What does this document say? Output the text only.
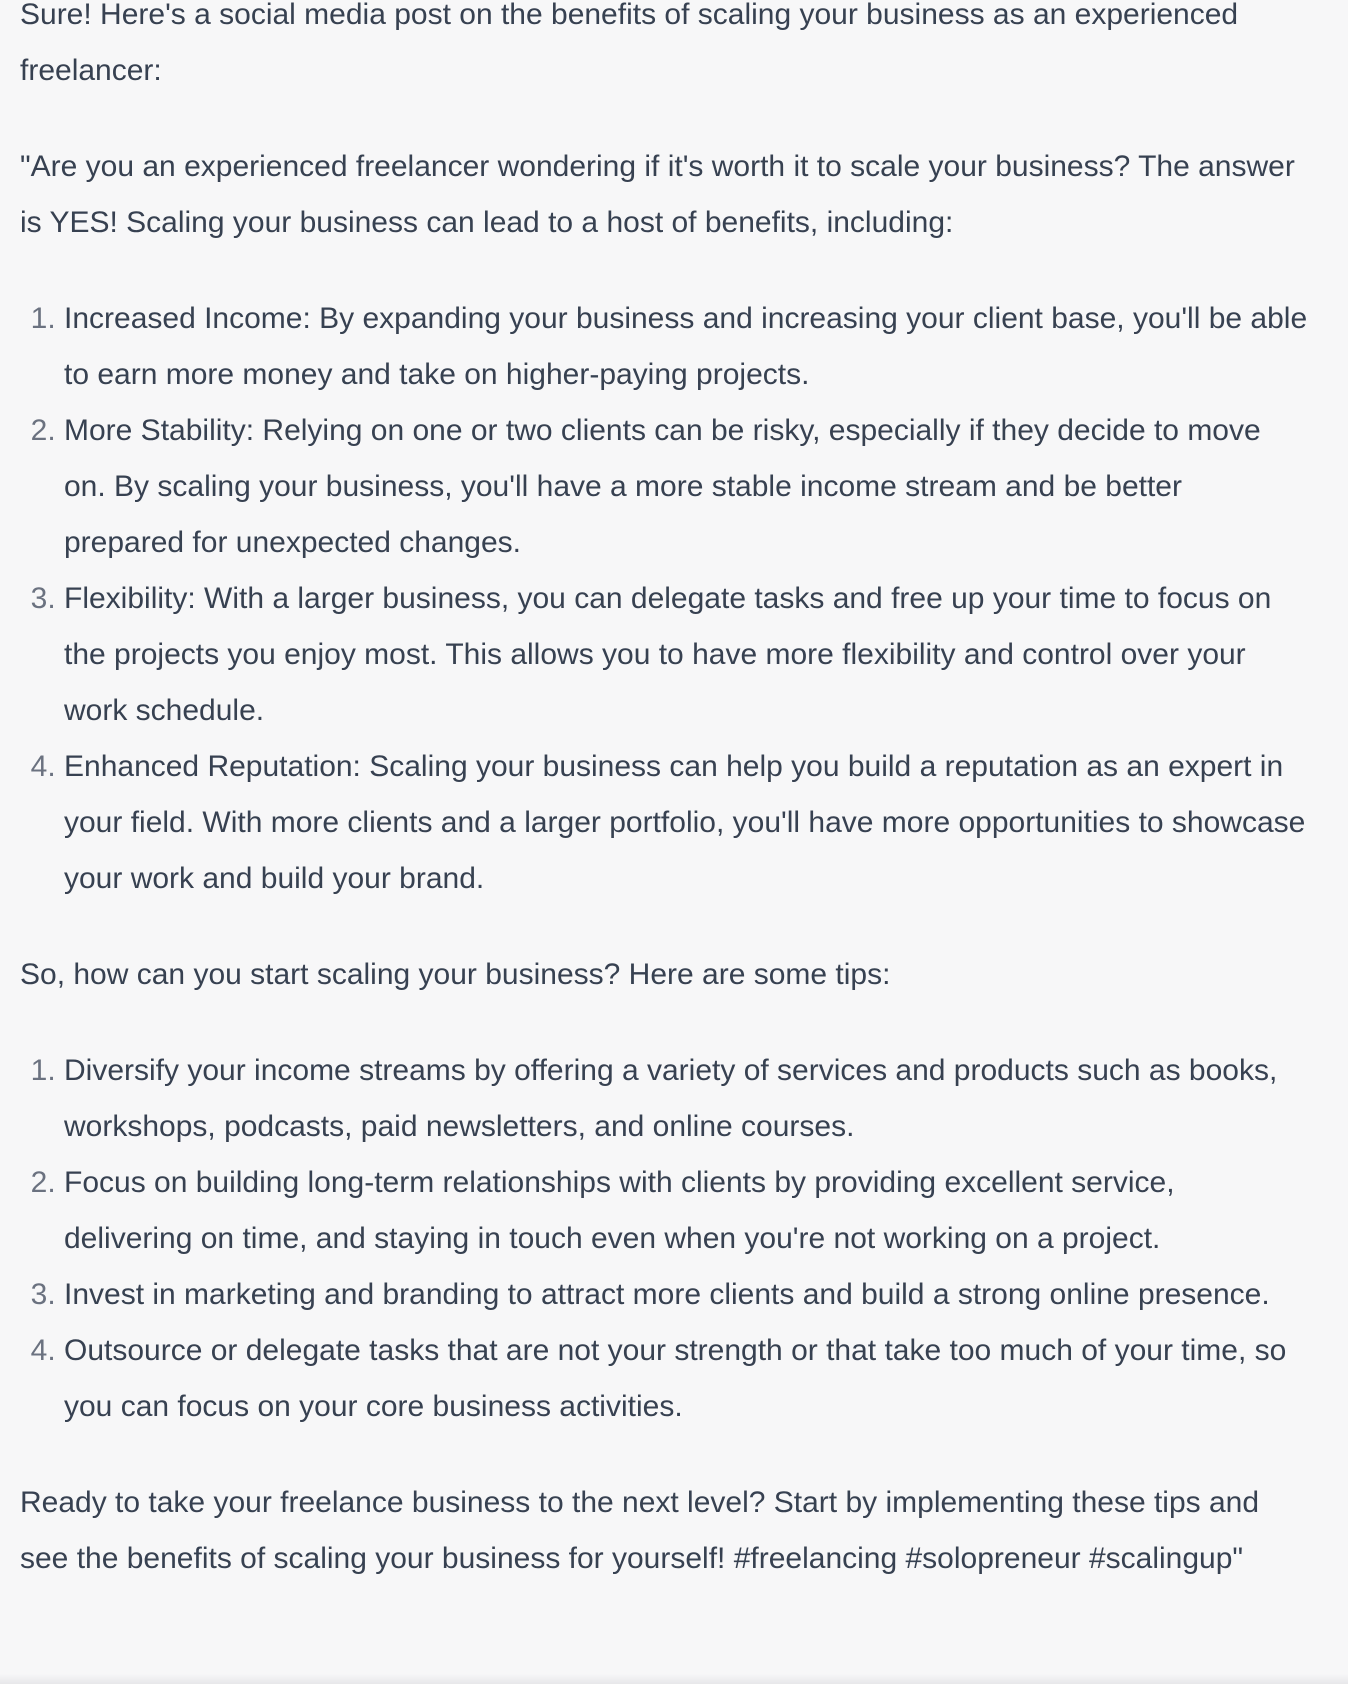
Sure! Here's a social media post on the benefits of scaling your business as an experienced freelancer:

"Are you an experienced freelancer wondering if it's worth it to scale your business? The answer is YES! Scaling your business can lead to a host of benefits, including:

1. Increased Income: By expanding your business and increasing your client base, you'll be able to earn more money and take on higher-paying projects.
2. More Stability: Relying on one or two clients can be risky, especially if they decide to move on. By scaling your business, you'll have a more stable income stream and be better prepared for unexpected changes.
3. Flexibility: With a larger business, you can delegate tasks and free up your time to focus on the projects you enjoy most. This allows you to have more flexibility and control over your work schedule.
4. Enhanced Reputation: Scaling your business can help you build a reputation as an expert in your field. With more clients and a larger portfolio, you'll have more opportunities to showcase your work and build your brand.

So, how can you start scaling your business? Here are some tips:

1. Diversify your income streams by offering a variety of services and products such as books, workshops, podcasts, paid newsletters, and online courses.
2. Focus on building long-term relationships with clients by providing excellent service, delivering on time, and staying in touch even when you're not working on a project.
3. Invest in marketing and branding to attract more clients and build a strong online presence.
4. Outsource or delegate tasks that are not your strength or that take too much of your time, so you can focus on your core business activities.

Ready to take your freelance business to the next level? Start by implementing these tips and see the benefits of scaling your business for yourself! #freelancing #solopreneur #scalingup"
